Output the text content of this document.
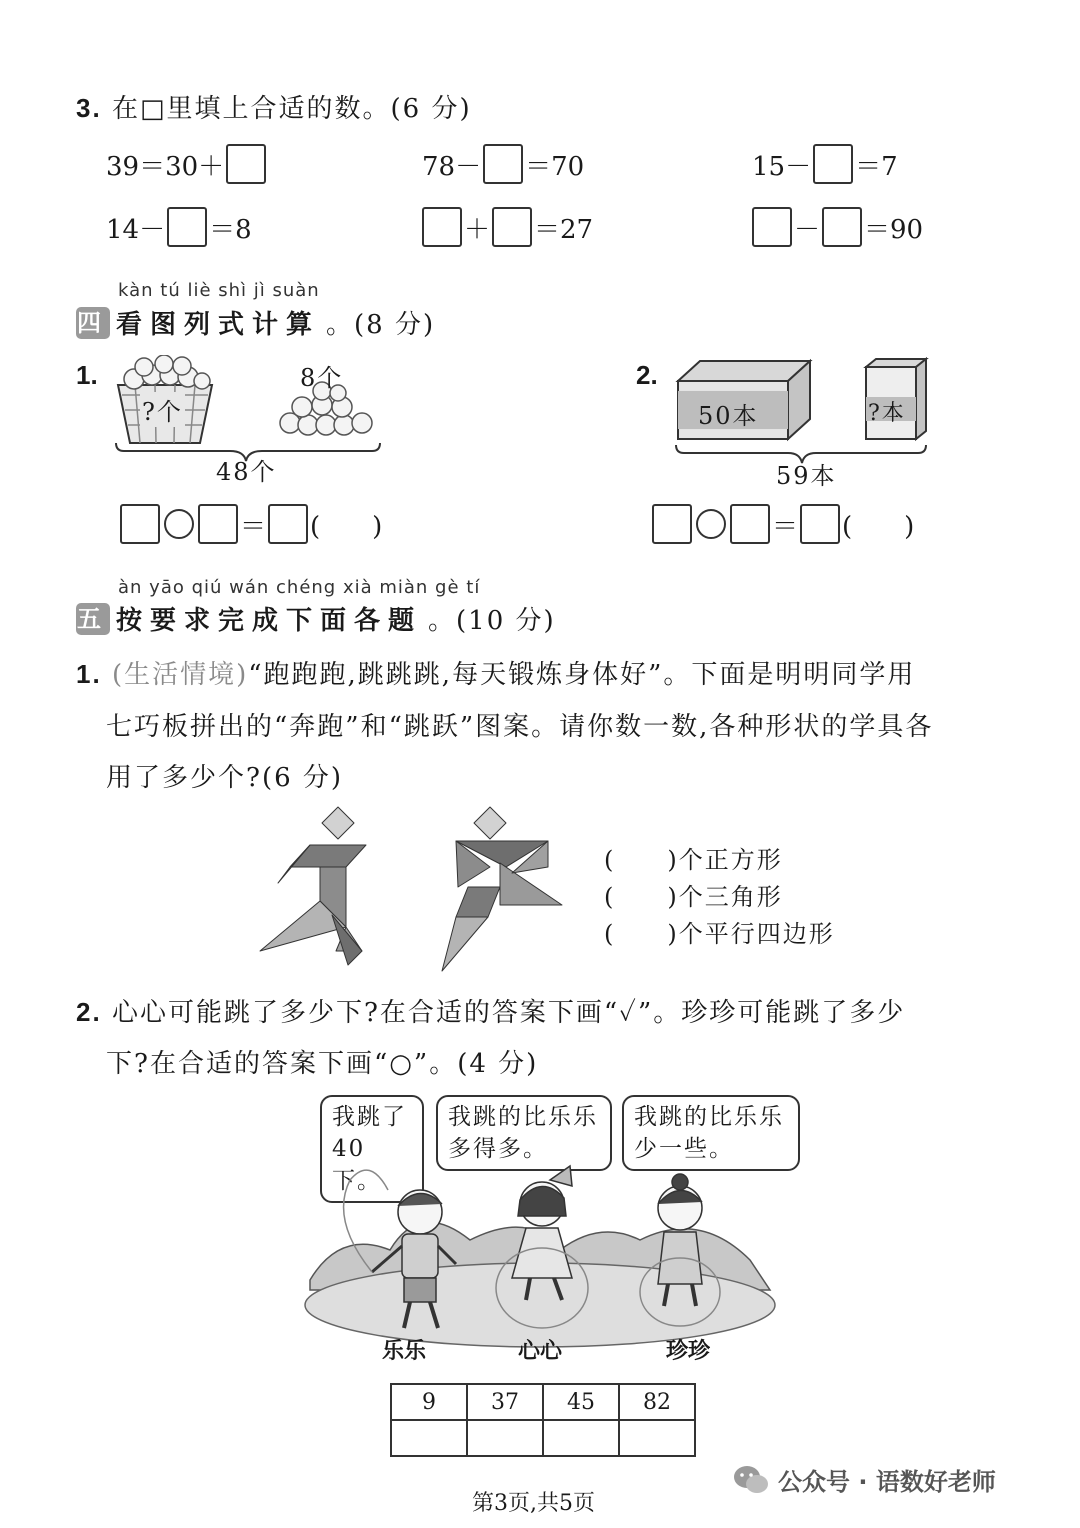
3. 在□里填上合适的数。(6 分)
39＝30＋	78－ ＝70	15－ ＝7
14－ ＝8	＋ ＝27	－ ＝90
kàn tú liè shì jì suàn
四 看图列式计算 。(8 分)
1.
?个
8个
48个
＝ (　　)
2.
50本	?本
59本
＝ (　　)
àn yāo qiú wán chéng xià miàn gè tí
五 按要求完成下面各题 。(10 分)
1. (生活情境)“跑跑跑,跳跳跳,每天锻炼身体好”。下面是明明同学用
七巧板拼出的“奔跑”和“跳跃”图案。请你数一数,各种形状的学具各
用了多少个?(6 分)
(　　)个正方形
(　　)个三角形
(　　)个平行四边形
2. 心心可能跳了多少下?在合适的答案下画“✓”。珍珍可能跳了多少
下?在合适的答案下画“○”。(4 分)
我跳了40下。
我跳的比乐乐多得多。
我跳的比乐乐少一些。
乐乐	心心	珍珍
9	37	45	82

第3页,共5页
公众号 · 语数好老师
